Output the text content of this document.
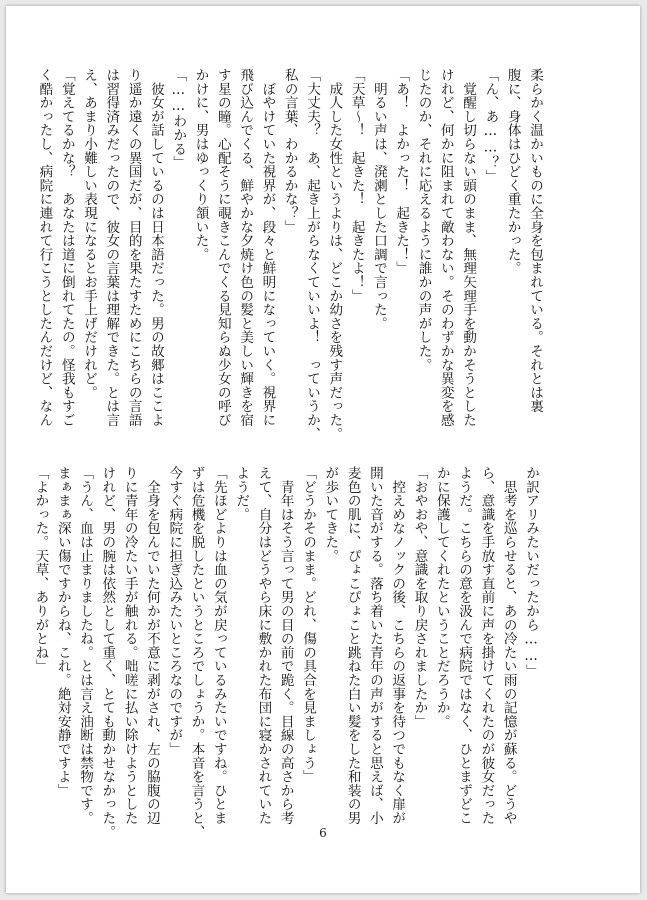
柔らかく温かいものに全身を包まれている。それとは裏
腹に、身体はひどく重たかった。
「ん、あ……？」
　覚醒し切らない頭のまま、無理矢理手を動かそうとした
けれど、何かに阻まれて敵わない。そのわずかな異変を感
じたのか、それに応えるように誰かの声がした。
「あ！　よかった！　起きた！」
　明るい声は、溌溂とした口調で言った。
「天草～！　起きた！　起きたよ！」
　成人した女性というよりは、どこか幼さを残す声だった。
「大丈夫？　あ、起き上がらなくていいよ！　っていうか、
私の言葉、わかるかな？」
　ぼやけていた視界が、段々と鮮明になっていく。視界に
飛び込んでくる、鮮やかな夕焼け色の髪と美しい輝きを宿
す星の瞳。心配そうに覗きこんでくる見知らぬ少女の呼び
かけに、男はゆっくり頷いた。
「……わかる」
　彼女が話しているのは日本語だった。男の故郷はここよ
り遥か遠くの異国だが、目的を果たすためにこちらの言語
は習得済みだったので、彼女の言葉は理解できた。とは言
え、あまり小難しい表現になるとお手上げだけれど。
「覚えてるかな？　あなたは道に倒れてたの。怪我もすご
く酷かったし、病院に連れて行こうとしたんだけど、なん
か訳アリみたいだったから……」
　思考を巡らせると、あの冷たい雨の記憶が蘇る。どうや
ら、意識を手放す直前に声を掛けてくれたのが彼女だった
ようだ。こちらの意を汲んで病院ではなく、ひとまずどこ
かに保護してくれたということだろうか。
「おやおや、意識を取り戻されましたか」
　控えめなノックの後、こちらの返事を待つでもなく扉が
開いた音がする。落ち着いた青年の声がすると思えば、小
麦色の肌に、ぴょこぴょこと跳ねた白い髪をした和装の男
が歩いてきた。
「どうかそのまま。どれ、傷の具合を見ましょう」
　青年はそう言って男の目の前で跪く。目線の高さから考
えて、自分はどうやら床に敷かれた布団に寝かされていた
ようだ。
「先ほどよりは血の気が戻っているみたいですね。ひとま
ずは危機を脱したというところでしょうか。本音を言うと、
今すぐ病院に担ぎ込みたいところなのですが」
　全身を包んでいた何かが不意に剥がされ、左の脇腹の辺
りに青年の冷たい手が触れる。咄嗟に払い除けようとした
けれど、男の腕は依然として重く、とても動かせなかった。
「うん、血は止まりましたね。とは言え油断は禁物です。
まぁまぁ深い傷ですからね、これ。絶対安静ですよ」
「よかった。天草、ありがとね」
6
